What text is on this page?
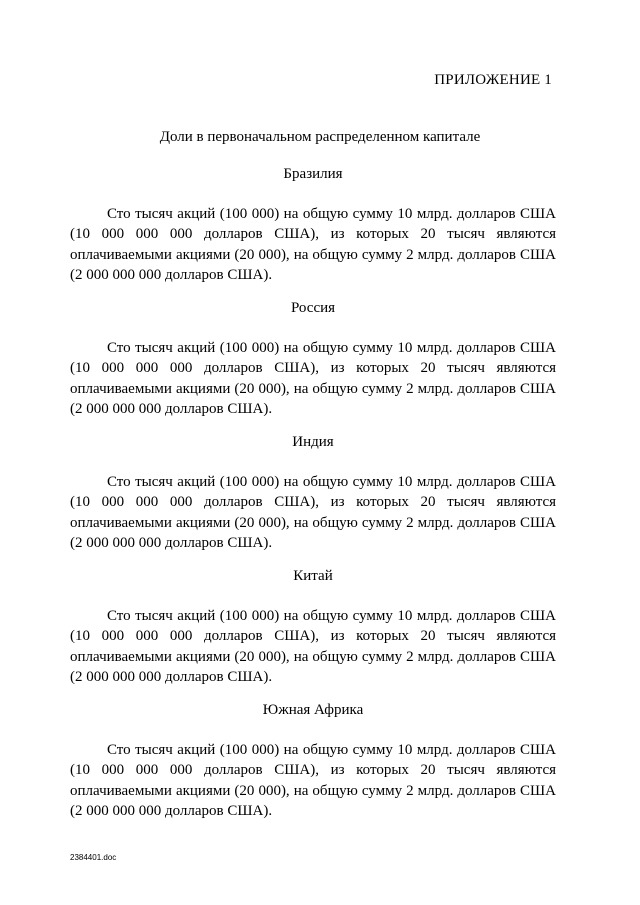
ПРИЛОЖЕНИЕ 1
Доли в первоначальном распределенном капитале

Бразилия

Сто тысяч акций (100 000) на общую сумму 10 млрд. долларов США (10 000 000 000 долларов США), из которых 20 тысяч являются оплачиваемыми акциями (20 000), на общую сумму 2 млрд. долларов США (2 000 000 000 долларов США).

Россия

Сто тысяч акций (100 000) на общую сумму 10 млрд. долларов США (10 000 000 000 долларов США), из которых 20 тысяч являются оплачиваемыми акциями (20 000), на общую сумму 2 млрд. долларов США (2 000 000 000 долларов США).

Индия

Сто тысяч акций (100 000) на общую сумму 10 млрд. долларов США (10 000 000 000 долларов США), из которых 20 тысяч являются оплачиваемыми акциями (20 000), на общую сумму 2 млрд. долларов США (2 000 000 000 долларов США).

Китай

Сто тысяч акций (100 000) на общую сумму 10 млрд. долларов США (10 000 000 000 долларов США), из которых 20 тысяч являются оплачиваемыми акциями (20 000), на общую сумму 2 млрд. долларов США (2 000 000 000 долларов США).

Южная Африка

Сто тысяч акций (100 000) на общую сумму 10 млрд. долларов США (10 000 000 000 долларов США), из которых 20 тысяч являются оплачиваемыми акциями (20 000), на общую сумму 2 млрд. долларов США (2 000 000 000 долларов США).

2384401.doc
